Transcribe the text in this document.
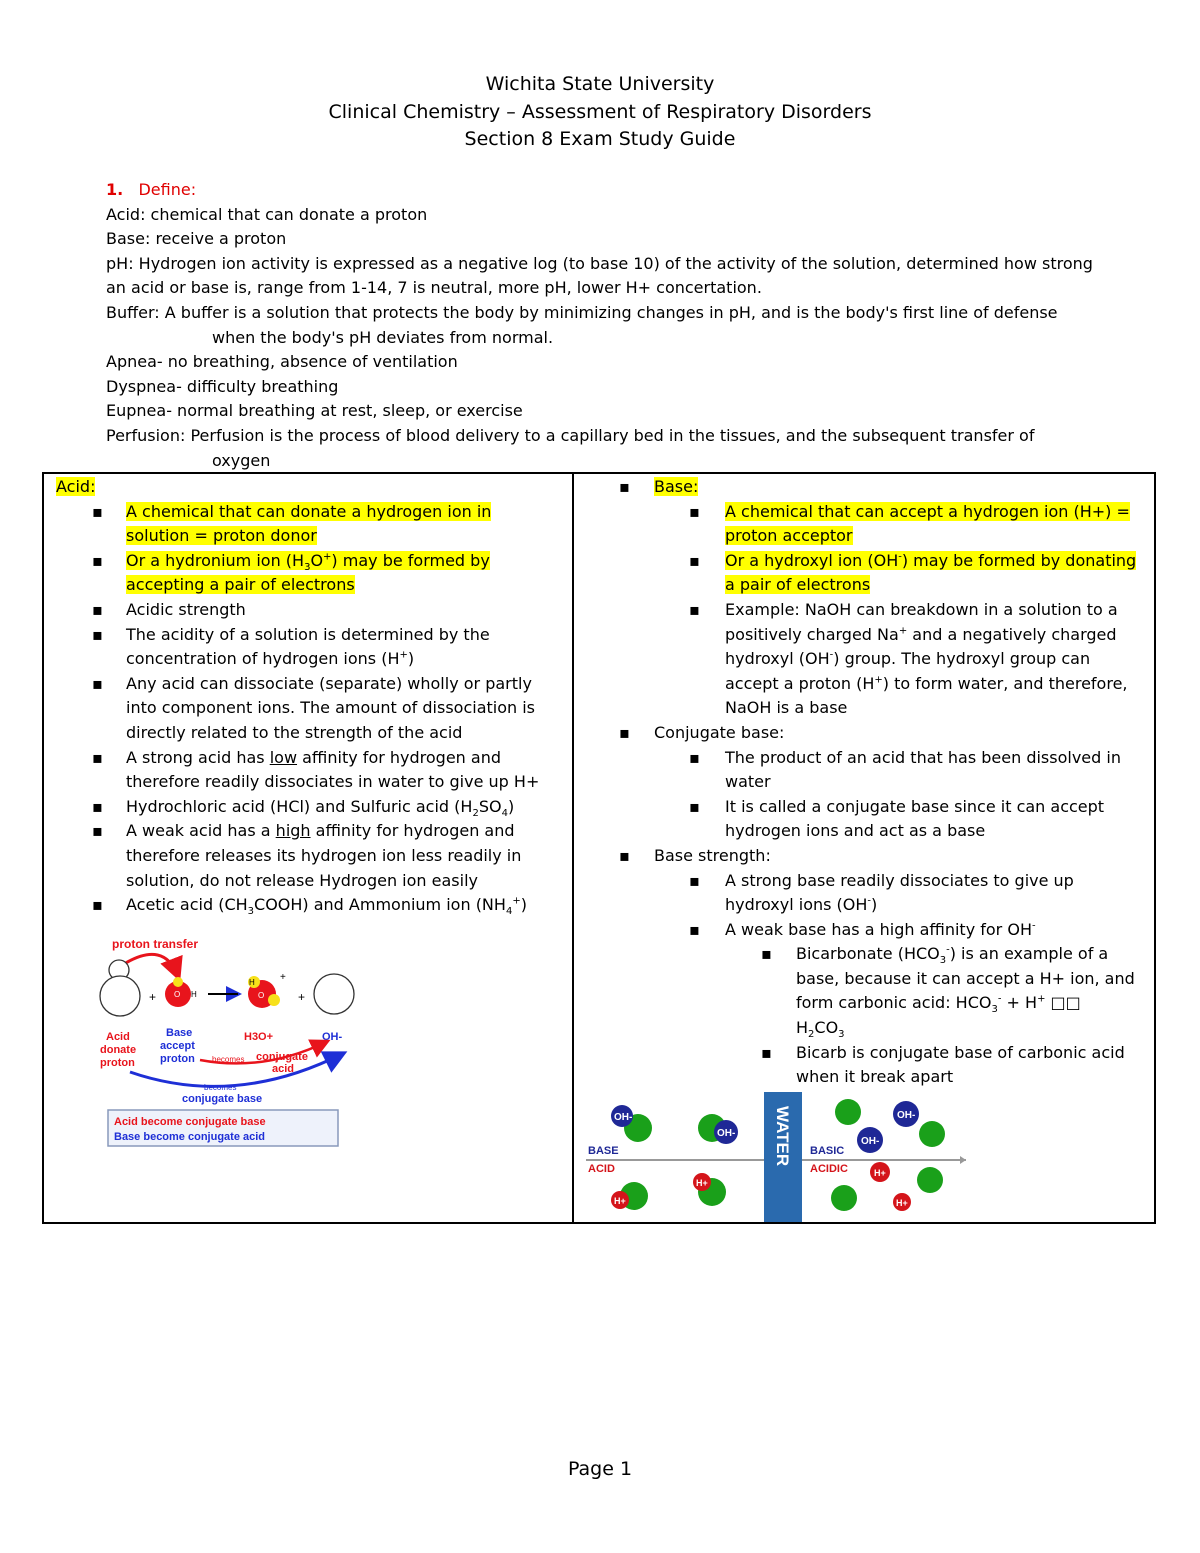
Wichita State University
Clinical Chemistry – Assessment of Respiratory Disorders
Section 8 Exam Study Guide

1. Define:

Acid: chemical that can donate a proton

Base: receive a proton

pH: Hydrogen ion activity is expressed as a negative log (to base 10) of the activity of the solution, determined how strong

an acid or base is, range from 1-14, 7 is neutral, more pH, lower H+ concertation.

Buffer: A buffer is a solution that protects the body by minimizing changes in pH, and is the body's first line of defense

when the body's pH deviates from normal.

Apnea- no breathing, absence of ventilation

Dyspnea- difficulty breathing

Eupnea- normal breathing at rest, sleep, or exercise

Perfusion: Perfusion is the process of blood delivery to a capillary bed in the tissues, and the subsequent transfer of

oxygen

Acid:
▪ A chemical that can donate a hydrogen ion in solution = proton donor
▪ Or a hydronium ion $(H_3O^+)$ may be formed by accepting a pair of electrons
▪ Acidic strength
▪ The acidity of a solution is determined by the concentration of hydrogen ions (H+)
▪ Any acid can dissociate (separate) wholly or partly into component ions. The amount of dissociation is directly related to the strength of the acid
▪ A strong acid has low affinity for hydrogen and therefore readily dissociates in water to give up H+
▪ Hydrochloric acid (HCl) and Sulfuric acid $(H_2SO_4)$
▪ A weak acid has a high affinity for hydrogen and therefore releases its hydrogen ion less readily in solution, do not release Hydrogen ion easily
▪ Acetic acid $(CH_3COOH)$ and Ammonium ion $(NH_4^+)$
proton transfer
+ O H
H
O
+
+
Acid
donate
proton
Base
accept
proton
H3O+	OH-
becomes conjugate
acid
becomes
conjugate base
Acid become conjugate base
Base become conjugate acid
▪ Base:
▪ A chemical that can accept a hydrogen ion (H+) = proton acceptor
▪ Or a hydroxyl ion (OH-) may be formed by donating a pair of electrons
▪ Example: NaOH can breakdown in a solution to a positively charged Na+ and a negatively charged hydroxyl (OH-) group. The hydroxyl group can accept a proton (H+) to form water, and therefore, NaOH is a base
▪ Conjugate base:
▪ The product of an acid that has been dissolved in water
▪ It is called a conjugate base since it can accept hydrogen ions and act as a base
▪ Base strength:
▪ A strong base readily dissociates to give up hydroxyl ions (OH-)
▪ A weak base has a high affinity for OH-
▪ Bicarbonate $(HCO_3^-)$ is an example of a base, because it can accept a H+ ion, and form carbonic acid: $HCO_3^- + H^+$ □□
$H_2CO_3$
▪ Bicarb is conjugate base of carbonic acid when it break apart
WATER
BASE
ACID
BASIC
ACIDIC
OH-
OH-
H+
H+
OH-
OH-
H+
H+
Page 1
